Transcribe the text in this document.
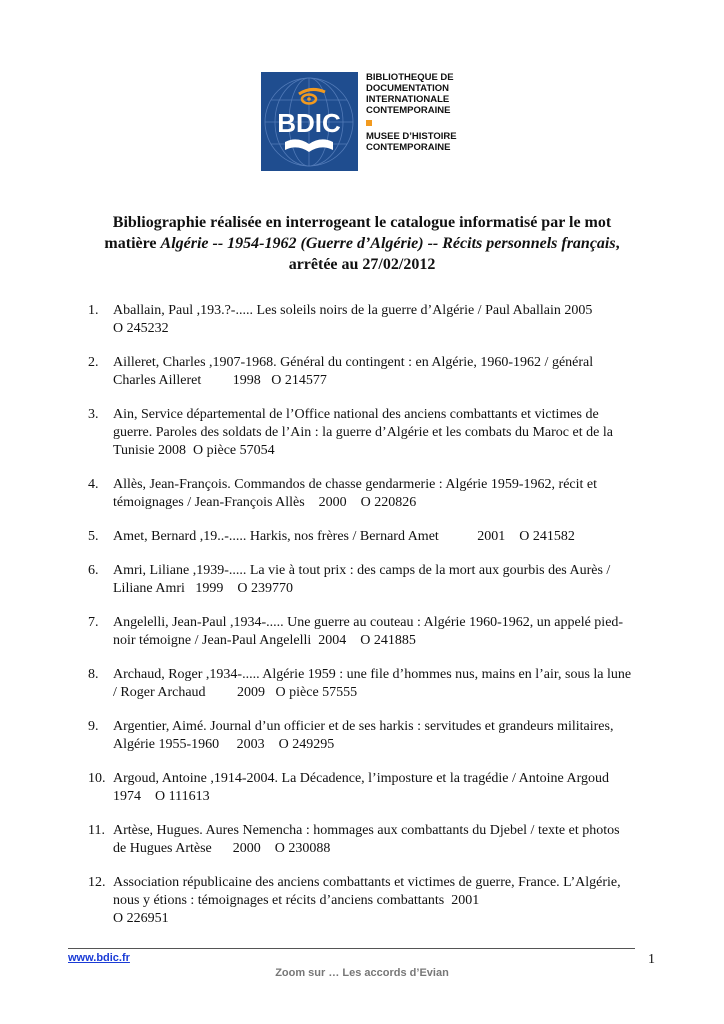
BDIC
BIBLIOTHEQUE DE
DOCUMENTATION
INTERNATIONALE
CONTEMPORAINE
MUSEE D’HISTOIRE
CONTEMPORAINE
Bibliographie réalisée en interrogeant le catalogue informatisé par le mot
matière Algérie -- 1954-1962 (Guerre d’Algérie) -- Récits personnels français,
arrêtée au 27/02/2012
1. Aballain, Paul ,193.?-..... Les soleils noirs de la guerre d’Algérie / Paul Aballain 2005
O 245232
2. Ailleret, Charles ,1907-1968. Général du contingent : en Algérie, 1960-1962 / général
Charles Ailleret         1998   O 214577
3. Ain, Service départemental de l’Office national des anciens combattants et victimes de
guerre. Paroles des soldats de l’Ain : la guerre d’Algérie et les combats du Maroc et de la
Tunisie 2008  O pièce 57054
4. Allès, Jean-François. Commandos de chasse gendarmerie : Algérie 1959-1962, récit et
témoignages / Jean-François Allès    2000    O 220826
5. Amet, Bernard ,19..-..... Harkis, nos frères / Bernard Amet           2001    O 241582
6. Amri, Liliane ,1939-..... La vie à tout prix : des camps de la mort aux gourbis des Aurès /
Liliane Amri   1999    O 239770
7. Angelelli, Jean-Paul ,1934-..... Une guerre au couteau : Algérie 1960-1962, un appelé pied-
noir témoigne / Jean-Paul Angelelli  2004    O 241885
8. Archaud, Roger ,1934-..... Algérie 1959 : une file d’hommes nus, mains en l’air, sous la lune
/ Roger Archaud         2009   O pièce 57555
9. Argentier, Aimé. Journal d’un officier et de ses harkis : servitudes et grandeurs militaires,
Algérie 1955-1960     2003    O 249295
10. Argoud, Antoine ,1914-2004. La Décadence, l’imposture et la tragédie / Antoine Argoud
1974    O 111613
11. Artèse, Hugues. Aures Nemencha : hommages aux combattants du Djebel / texte et photos
de Hugues Artèse      2000    O 230088
12. Association républicaine des anciens combattants et victimes de guerre, France. L’Algérie,
nous y étions : témoignages et récits d’anciens combattants  2001
O 226951
www.bdic.fr	1
Zoom sur … Les accords d’Evian
